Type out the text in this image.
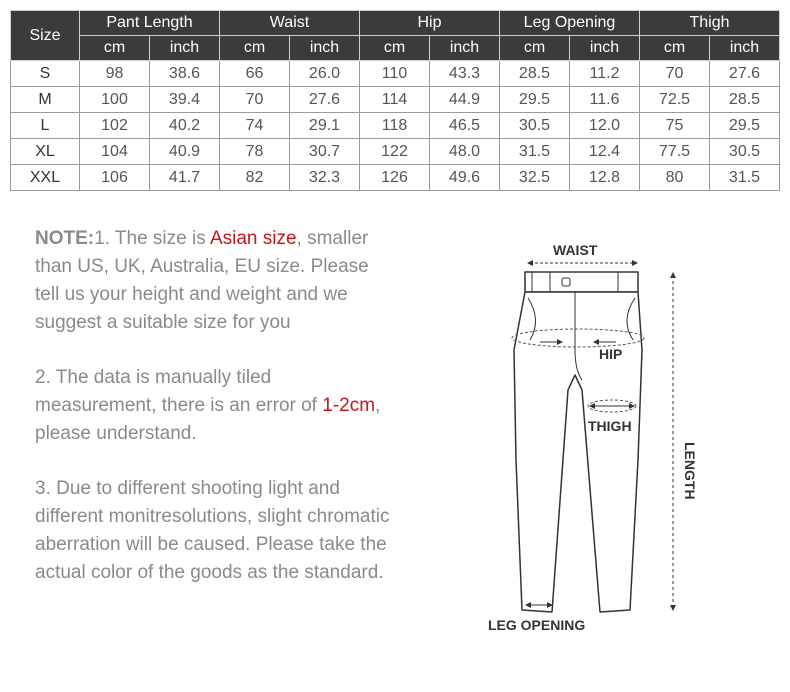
Size	Pant Length		Waist		Hip		Leg Opening		Thigh	
	cm	inch	cm	inch	cm	inch	cm	inch	cm	inch
S	98	38.6	66	26.0	110	43.3	28.5	11.2	70	27.6
M	100	39.4	70	27.6	114	44.9	29.5	11.6	72.5	28.5
L	102	40.2	74	29.1	118	46.5	30.5	12.0	75	29.5
XL	104	40.9	78	30.7	122	48.0	31.5	12.4	77.5	30.5
XXL	106	41.7	82	32.3	126	49.6	32.5	12.8	80	31.5

NOTE:1. The size is Asian size, smaller than US, UK, Australia, EU size. Please tell us your height and weight and we suggest a suitable size for you

2. The data is manually tiled measurement, there is an error of 1-2cm, please understand.

3. Due to different shooting light and different monitresolutions, slight chromatic aberration will be caused. Please take the actual color of the goods as the standard.

WAIST
HIP
THIGH
LENGTH
LEG OPENING
